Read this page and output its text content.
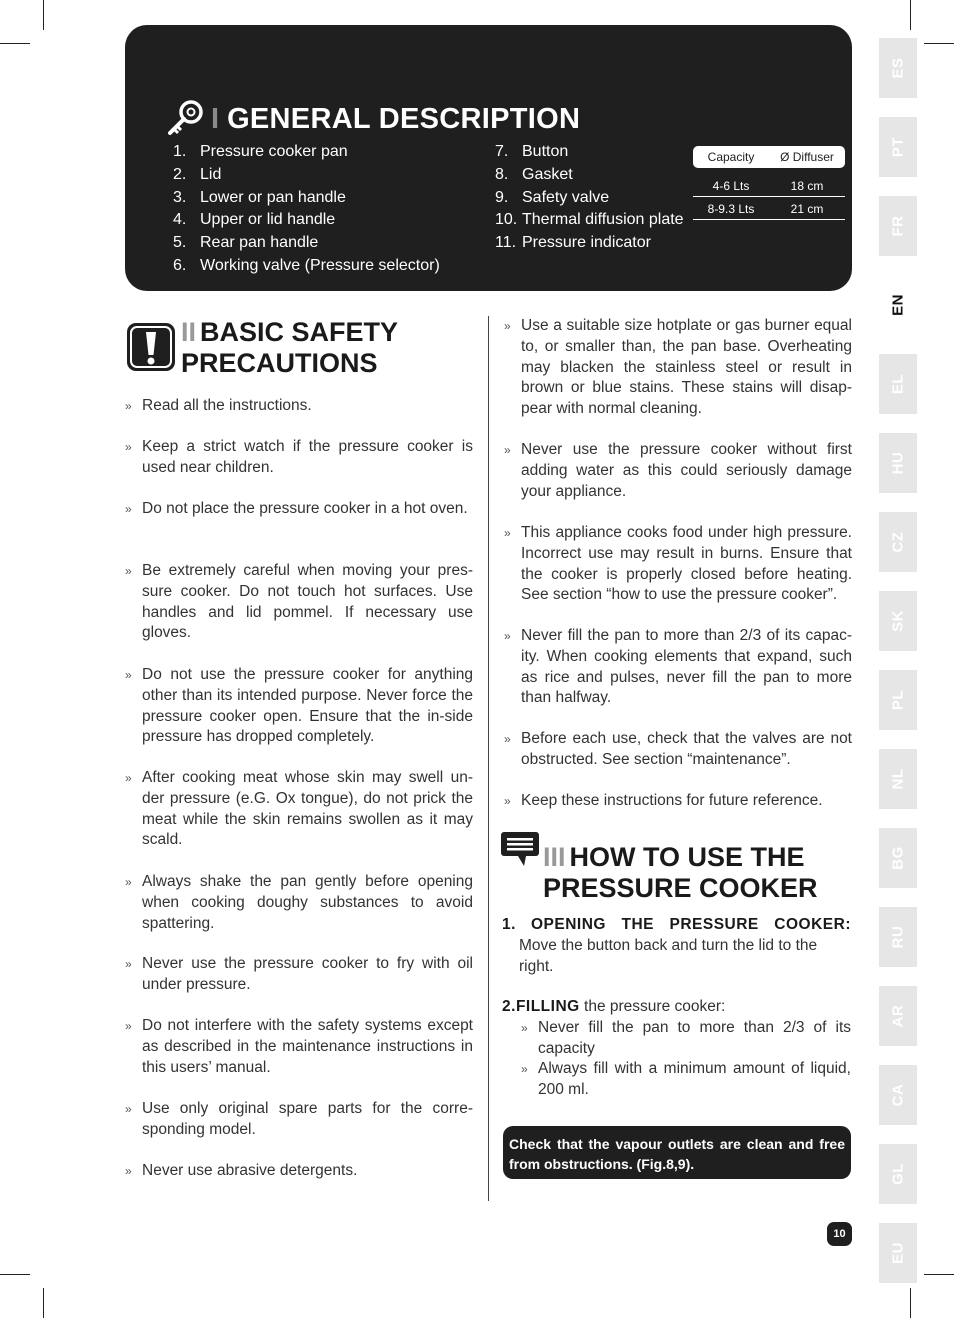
I GENERAL DESCRIPTION
1. Pressure cooker pan
2. Lid
3. Lower or pan handle
4. Upper or lid handle
5. Rear pan handle
6. Working valve (Pressure selector)
7. Button
8. Gasket
9. Safety valve
10. Thermal diffusion plate
11. Pressure indicator
Capacity	Ø Diffuser
4-6 Lts	18 cm
8-9.3 Lts	21 cm
ES
PT
FR
EN
EL
HU
CZ
SK
PL
NL
BG
RU
AR
CA
GL
EU
II BASIC SAFETY
PRECAUTIONS
» Read all the instructions.

» Keep a strict watch if the pressure cooker is used near children.

» Do not place the pressure cooker in a hot oven.

» Be extremely careful when moving your pres-sure cooker. Do not touch hot surfaces. Use handles and lid pommel. If necessary use gloves.

» Do not use the pressure cooker for anything other than its intended purpose. Never force the pressure cooker open. Ensure that the in-side pressure has dropped completely.

» After cooking meat whose skin may swell un-der pressure (e.G. Ox tongue), do not prick the meat while the skin remains swollen as it may scald.

» Always shake the pan gently before opening when cooking doughy substances to avoid spattering.

» Never use the pressure cooker to fry with oil under pressure.

» Do not interfere with the safety systems except as described in the maintenance instructions in this users’ manual.

» Use only original spare parts for the corre-sponding model.

» Never use abrasive detergents.

» Use a suitable size hotplate or gas burner equal to, or smaller than, the pan base. Overheating may blacken the stainless steel or result in brown or blue stains. These stains will disap-pear with normal cleaning.

» Never use the pressure cooker without first adding water as this could seriously damage your appliance.

» This appliance cooks food under high pressure. Incorrect use may result in burns. Ensure that the cooker is properly closed before heating. See section “how to use the pressure cooker”.

» Never fill the pan to more than 2/3 of its capac-ity. When cooking elements that expand, such as rice and pulses, never fill the pan to more than halfway.

» Before each use, check that the valves are not obstructed. See section “maintenance”.

» Keep these instructions for future reference.

III HOW TO USE THE
PRESSURE COOKER

1. OPENING THE PRESSURE COOKER:

Move the button back and turn the lid to the right.

2.FILLING the pressure cooker:

» Never fill the pan to more than 2/3 of its capacity

» Always fill with a minimum amount of liquid, 200 ml.

Check that the vapour outlets are clean and free from obstructions. (Fig.8,9).
10
